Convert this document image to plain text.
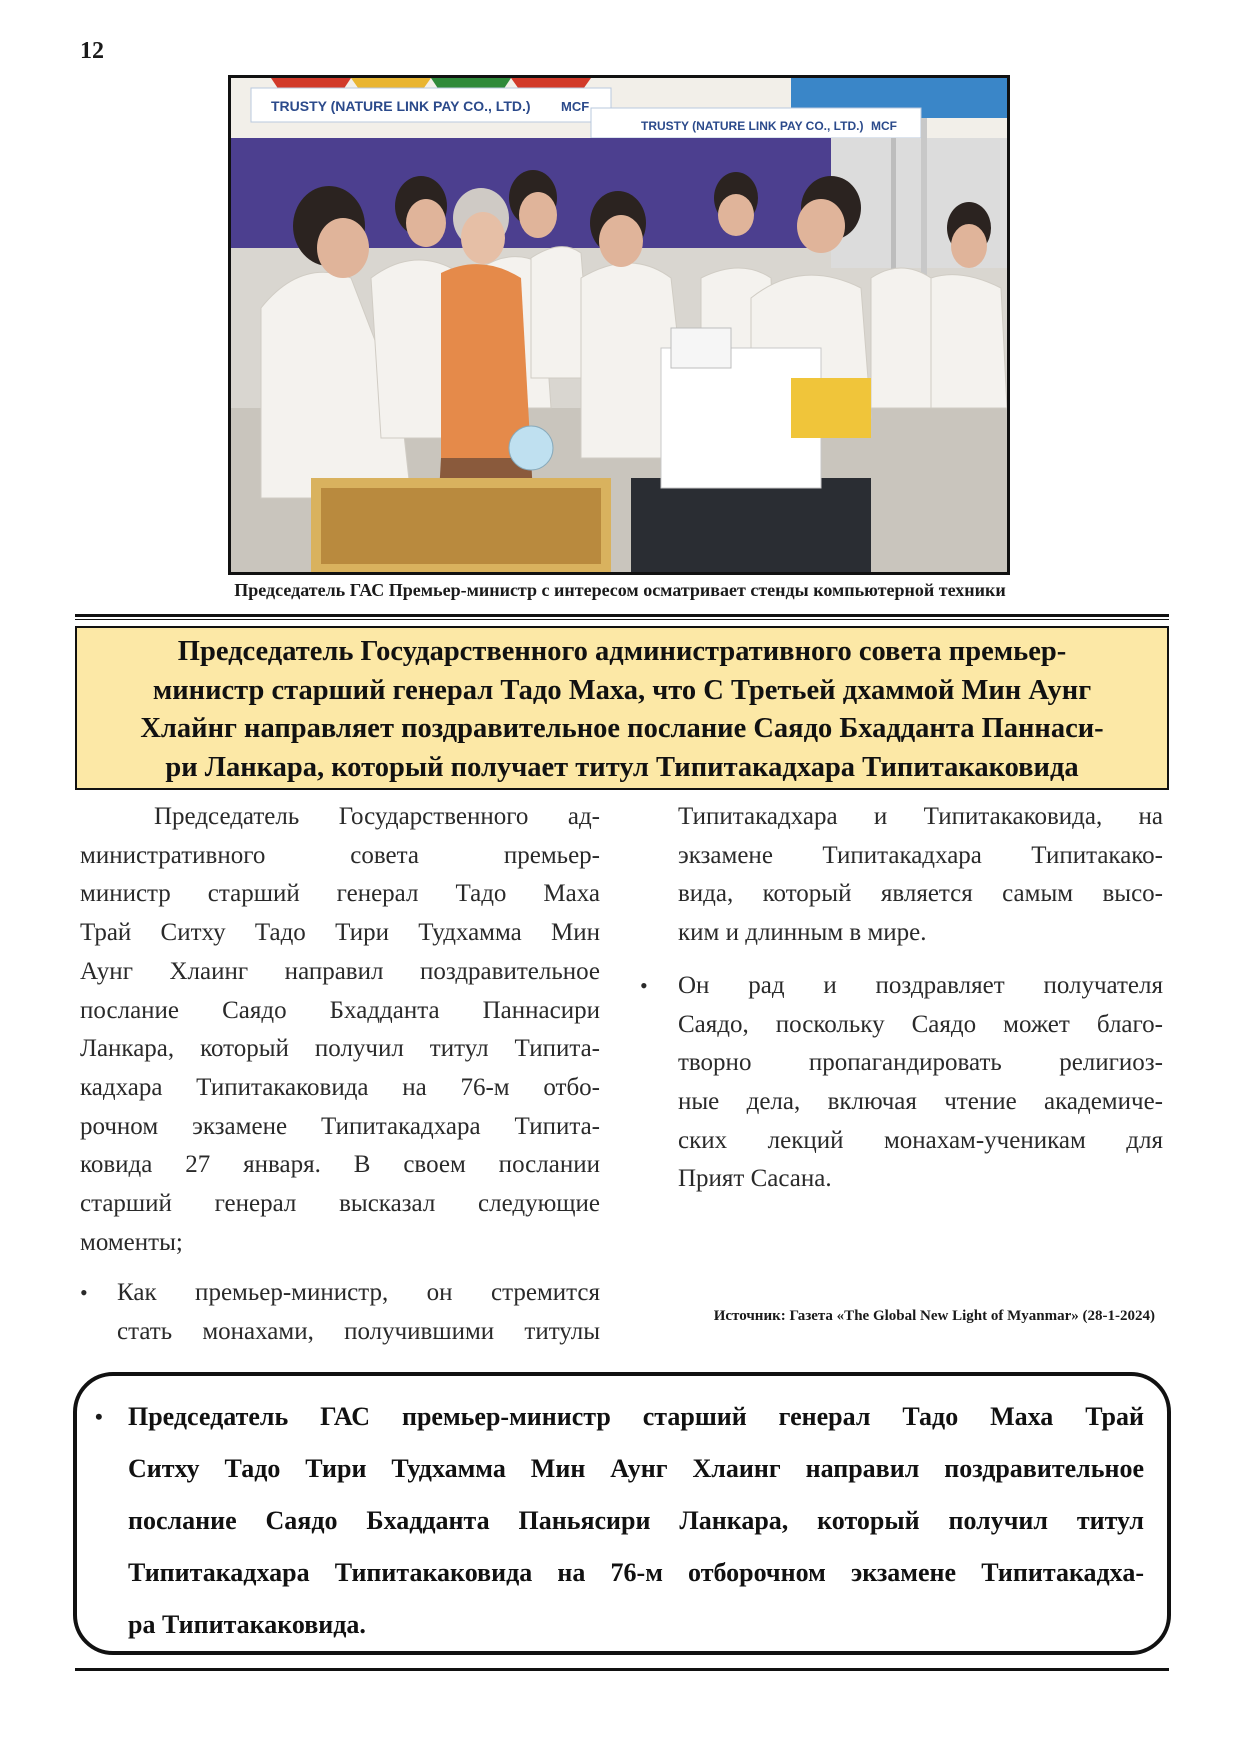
12
TRUSTY (NATURE LINK PAY CO., LTD.) MCF
TRUSTY (NATURE LINK PAY CO., LTD.) MCF
Председатель ГАС Премьер-министр с интересом осматривает стенды компьютерной техники
Председатель Государственного административного совета премьер-
министр старший генерал Тадо Маха, что С Третьей дхаммой Мин Аунг
Хлайнг направляет поздравительное послание Саядо Бхадданта Паннаси-
ри Ланкара, который получает титул Типитакадхара Типитакаковида
Председатель Государственного ад-
министративного совета премьер-
министр старший генерал Тадо Маха
Трай Ситху Тадо Тири Тудхамма Мин
Аунг Хлаинг направил поздравительное
послание Саядо Бхадданта Паннасири
Ланкара, который получил титул Типита-
кадхара Типитакаковида на 76-м отбо-
рочном экзамене Типитакадхара Типита-
ковида 27 января. В своем послании
старший генерал высказал следующие
моменты;
• Как премьер-министр, он стремится
стать монахами, получившими титулы
Типитакадхара и Типитакаковида, на
экзамене Типитакадхара Типитакако-
вида, который является самым высо-
ким и длинным в мире.
• Он рад и поздравляет получателя
Саядо, поскольку Саядо может благо-
творно пропагандировать религиоз-
ные дела, включая чтение академиче-
ских лекций монахам-ученикам для
Прият Сасана.
Источник: Газета «The Global New Light of Myanmar» (28-1-2024)
• Председатель ГАС премьер-министр старший генерал Тадо Маха Трай
Ситху Тадо Тири Тудхамма Мин Аунг Хлаинг направил поздравительное
послание Саядо Бхадданта Паньясири Ланкара, который получил титул
Типитакадхара Типитакаковида на 76-м отборочном экзамене Типитакадха-
ра Типитакаковида.
